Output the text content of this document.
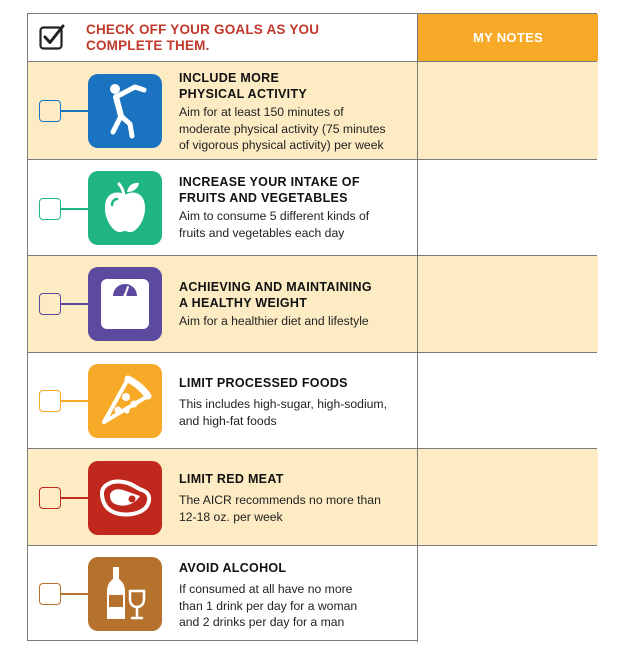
CHECK OFF YOUR GOALS AS YOU
COMPLETE THEM.
MY NOTES
INCLUDE MORE
PHYSICAL ACTIVITY
Aim for at least 150 minutes of
moderate physical activity (75 minutes
of vigorous physical activity) per week
INCREASE YOUR INTAKE OF
FRUITS AND VEGETABLES
Aim to consume 5 different kinds of
fruits and vegetables each day
ACHIEVING AND MAINTAINING
A HEALTHY WEIGHT
Aim for a healthier diet and lifestyle
LIMIT PROCESSED FOODS
This includes high-sugar, high-sodium,
and high-fat foods
LIMIT RED MEAT
The AICR recommends no more than
12-18 oz. per week
AVOID ALCOHOL
If consumed at all have no more
than 1 drink per day for a woman
and 2 drinks per day for a man
